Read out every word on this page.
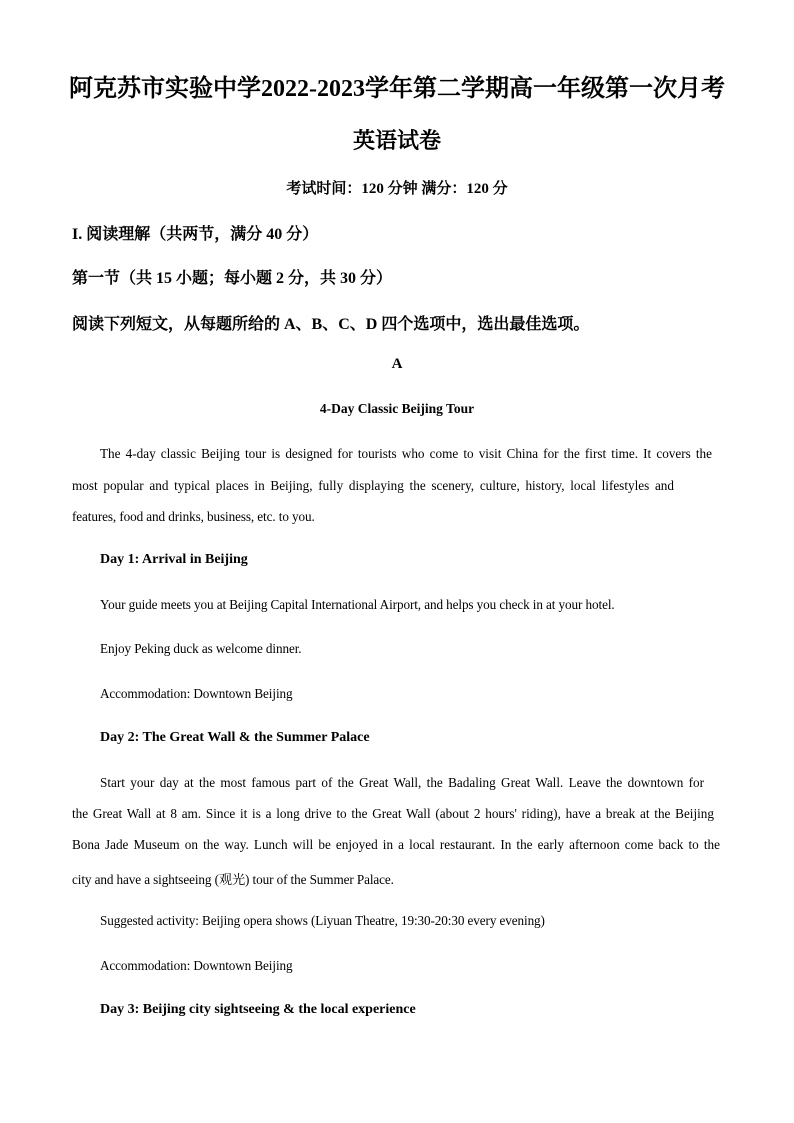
阿克苏市实验中学2022-2023学年第二学期高一年级第一次月考
英语试卷
考试时间：120 分钟 满分：120 分
I. 阅读理解（共两节，满分 40 分）
第一节（共 15 小题；每小题 2 分，共 30 分）
阅读下列短文，从每题所给的 A、B、C、D 四个选项中，选出最佳选项。
A
4-Day Classic Beijing Tour
The 4-day classic Beijing tour is designed for tourists who come to visit China for the first time. It covers the
most popular and typical places in Beijing, fully displaying the scenery, culture, history, local lifestyles and
features, food and drinks, business, etc. to you.
Day 1: Arrival in Beijing
Your guide meets you at Beijing Capital International Airport, and helps you check in at your hotel.
Enjoy Peking duck as welcome dinner.
Accommodation: Downtown Beijing
Day 2: The Great Wall & the Summer Palace
Start your day at the most famous part of the Great Wall, the Badaling Great Wall. Leave the downtown for
the Great Wall at 8 am. Since it is a long drive to the Great Wall (about 2 hours' riding), have a break at the Beijing
Bona Jade Museum on the way. Lunch will be enjoyed in a local restaurant. In the early afternoon come back to the
city and have a sightseeing (观光) tour of the Summer Palace.
Suggested activity: Beijing opera shows (Liyuan Theatre, 19:30-20:30 every evening)
Accommodation: Downtown Beijing
Day 3: Beijing city sightseeing & the local experience
